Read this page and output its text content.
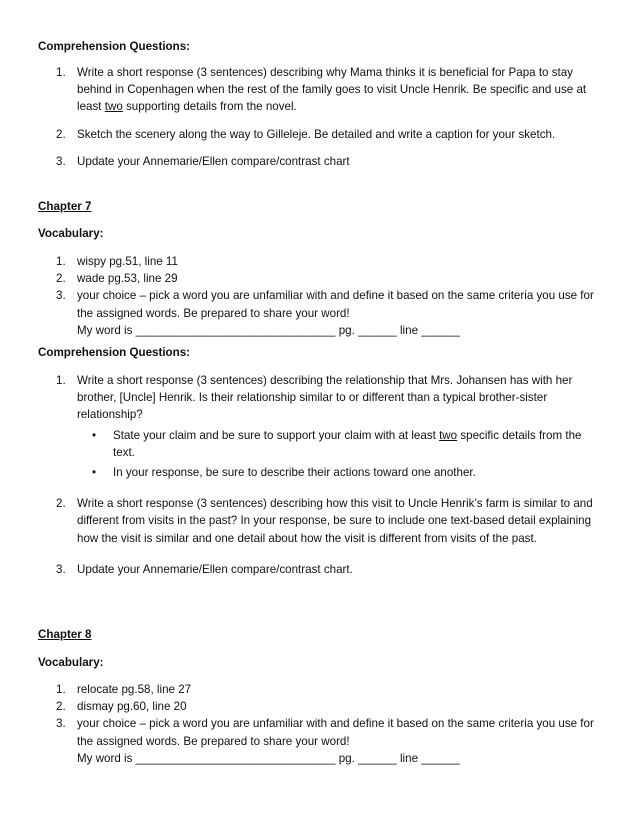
Comprehension Questions:
1. Write a short response (3 sentences) describing why Mama thinks it is beneficial for Papa to stay behind in Copenhagen when the rest of the family goes to visit Uncle Henrik. Be specific and use at least two supporting details from the novel.
2. Sketch the scenery along the way to Gilleleje. Be detailed and write a caption for your sketch.
3. Update your Annemarie/Ellen compare/contrast chart
Chapter 7
Vocabulary:
1. wispy pg.51, line 11
2. wade pg.53, line 29
3. your choice – pick a word you are unfamiliar with and define it based on the same criteria you use for the assigned words. Be prepared to share your word!
My word is _______________________________ pg. ______ line ______
Comprehension Questions:
1. Write a short response (3 sentences) describing the relationship that Mrs. Johansen has with her brother, [Uncle] Henrik. Is their relationship similar to or different than a typical brother-sister relationship?
• State your claim and be sure to support your claim with at least two specific details from the text.
• In your response, be sure to describe their actions toward one another.
2. Write a short response (3 sentences) describing how this visit to Uncle Henrik’s farm is similar to and different from visits in the past? In your response, be sure to include one text-based detail explaining how the visit is similar and one detail about how the visit is different from visits of the past.
3. Update your Annemarie/Ellen compare/contrast chart.
Chapter 8
Vocabulary:
1. relocate pg.58, line 27
2. dismay pg.60, line 20
3. your choice – pick a word you are unfamiliar with and define it based on the same criteria you use for the assigned words. Be prepared to share your word!
My word is _______________________________ pg. ______ line ______
